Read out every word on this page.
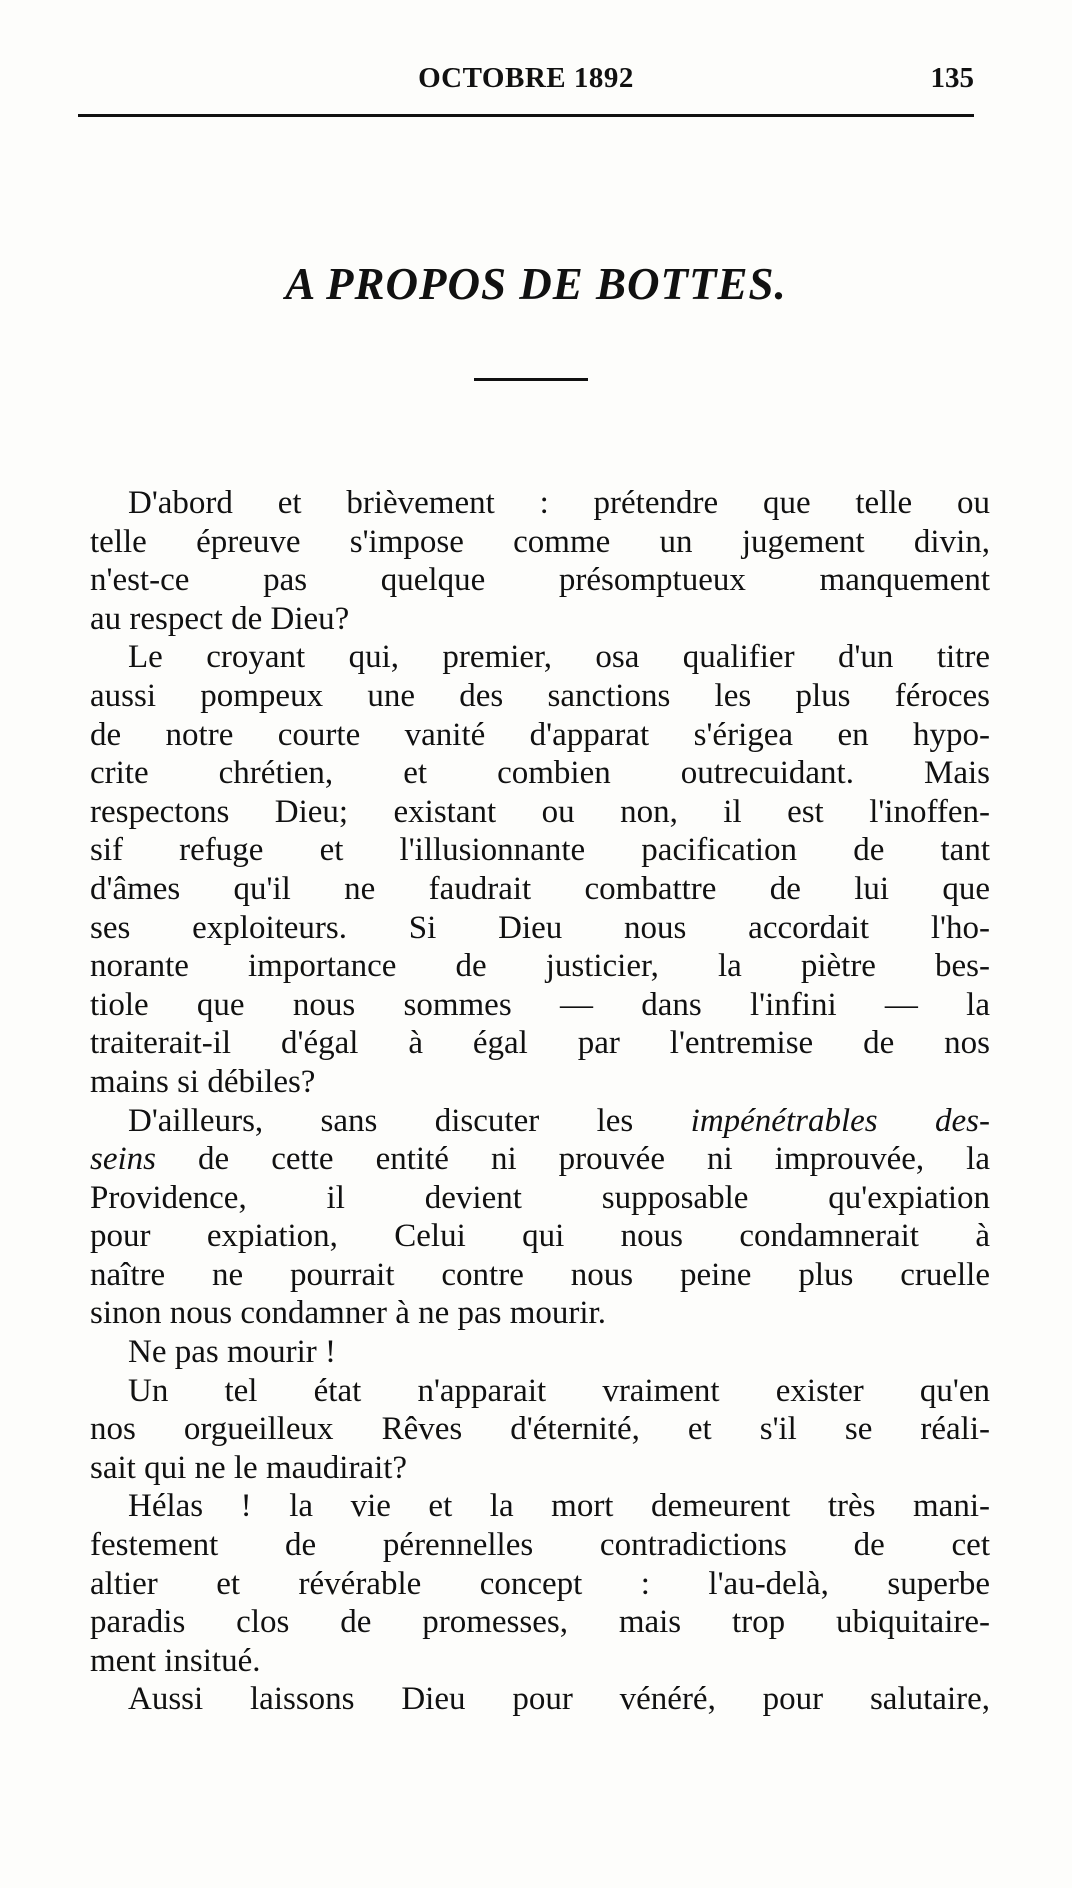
OCTOBRE 1892	135
A PROPOS DE BOTTES.
D'abord et brièvement : prétendre que telle ou
telle épreuve s'impose comme un jugement divin,
n'est-ce pas quelque présomptueux manquement
au respect de Dieu?
Le croyant qui, premier, osa qualifier d'un titre
aussi pompeux une des sanctions les plus féroces
de notre courte vanité d'apparat s'érigea en hypo-
crite chrétien, et combien outrecuidant. Mais
respectons Dieu; existant ou non, il est l'inoffen-
sif refuge et l'illusionnante pacification de tant
d'âmes qu'il ne faudrait combattre de lui que
ses exploiteurs. Si Dieu nous accordait l'ho-
norante importance de justicier, la piètre bes-
tiole que nous sommes — dans l'infini — la
traiterait-il d'égal à égal par l'entremise de nos
mains si débiles?
D'ailleurs, sans discuter les impénétrables des-
seins de cette entité ni prouvée ni improuvée, la
Providence, il devient supposable qu'expiation
pour expiation, Celui qui nous condamnerait à
naître ne pourrait contre nous peine plus cruelle
sinon nous condamner à ne pas mourir.
Ne pas mourir !
Un tel état n'apparait vraiment exister qu'en
nos orgueilleux Rêves d'éternité, et s'il se réali-
sait qui ne le maudirait?
Hélas ! la vie et la mort demeurent très mani-
festement de pérennelles contradictions de cet
altier et révérable concept : l'au-delà, superbe
paradis clos de promesses, mais trop ubiquitaire-
ment insitué.
Aussi laissons Dieu pour vénéré, pour salutaire,
